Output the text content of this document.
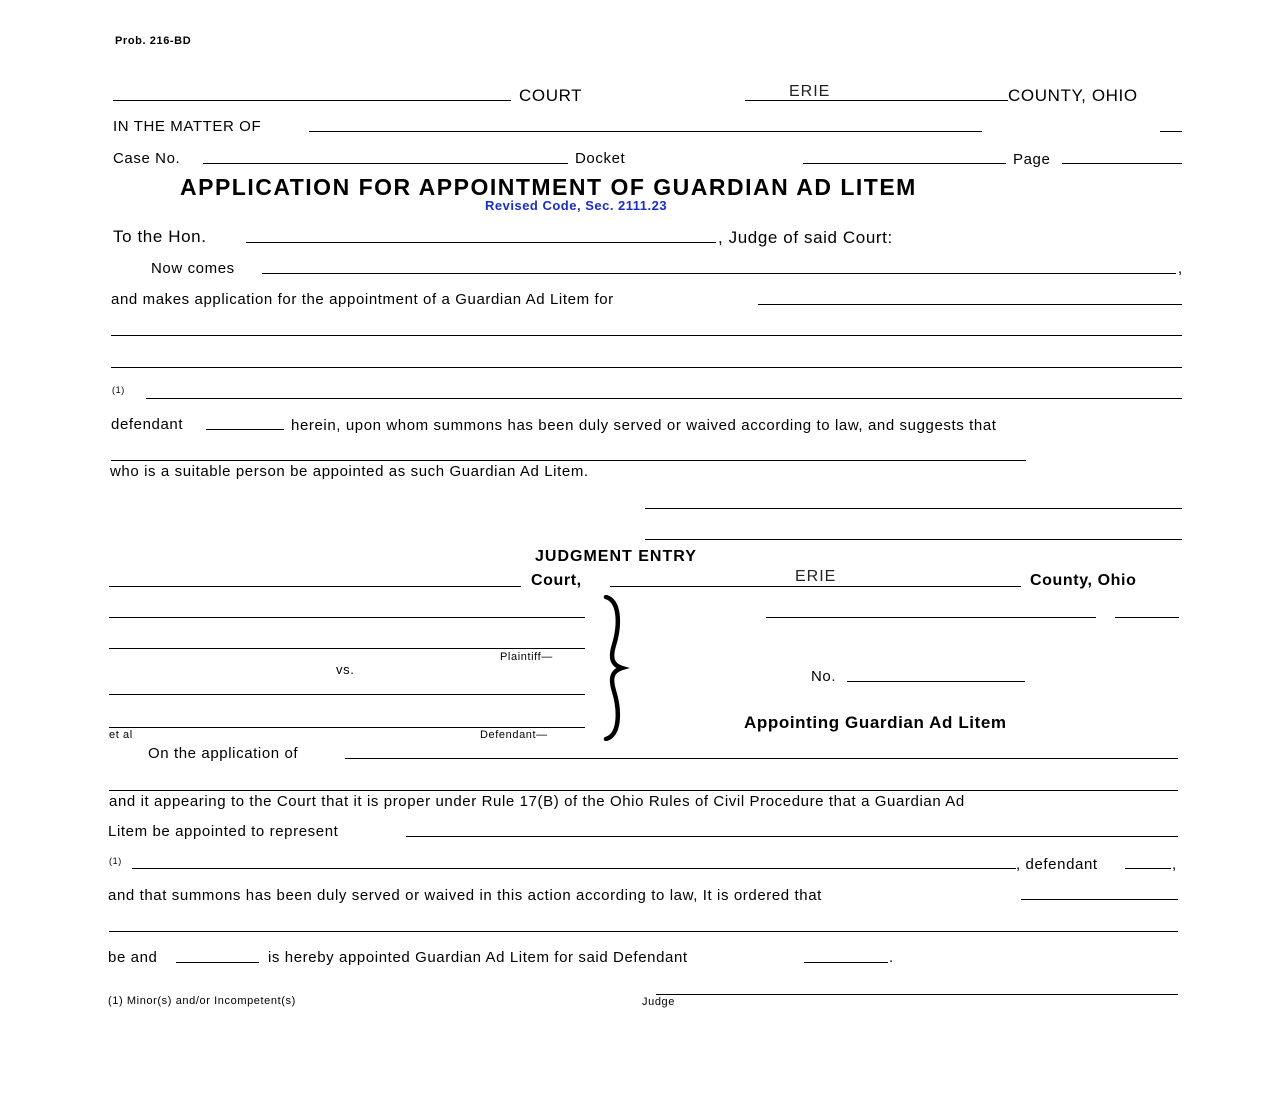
Prob. 216-BD
COURT	ERIE	COUNTY, OHIO
IN THE MATTER OF
Case No.	Docket	Page
APPLICATION FOR APPOINTMENT OF GUARDIAN AD LITEM
Revised Code, Sec. 2111.23
To the Hon.	, Judge of said Court:
Now comes	,
and makes application for the appointment of a Guardian Ad Litem for
(1)
defendant	herein, upon whom summons has been duly served or waived according to law, and suggests that
who is a suitable person be appointed as such Guardian Ad Litem.
JUDGMENT ENTRY
Court,	ERIE	County, Ohio
Plaintiff—
vs.
et al	Defendant—
No.
Appointing Guardian Ad Litem
On the application of
and it appearing to the Court that it is proper under Rule 17(B) of the Ohio Rules of Civil Procedure that a Guardian Ad
Litem be appointed to represent
(1)	, defendant	,
and that summons has been duly served or waived in this action according to law, It is ordered that
be and	is hereby appointed Guardian Ad Litem for said Defendant	.
(1) Minor(s) and/or Incompetent(s)	Judge
